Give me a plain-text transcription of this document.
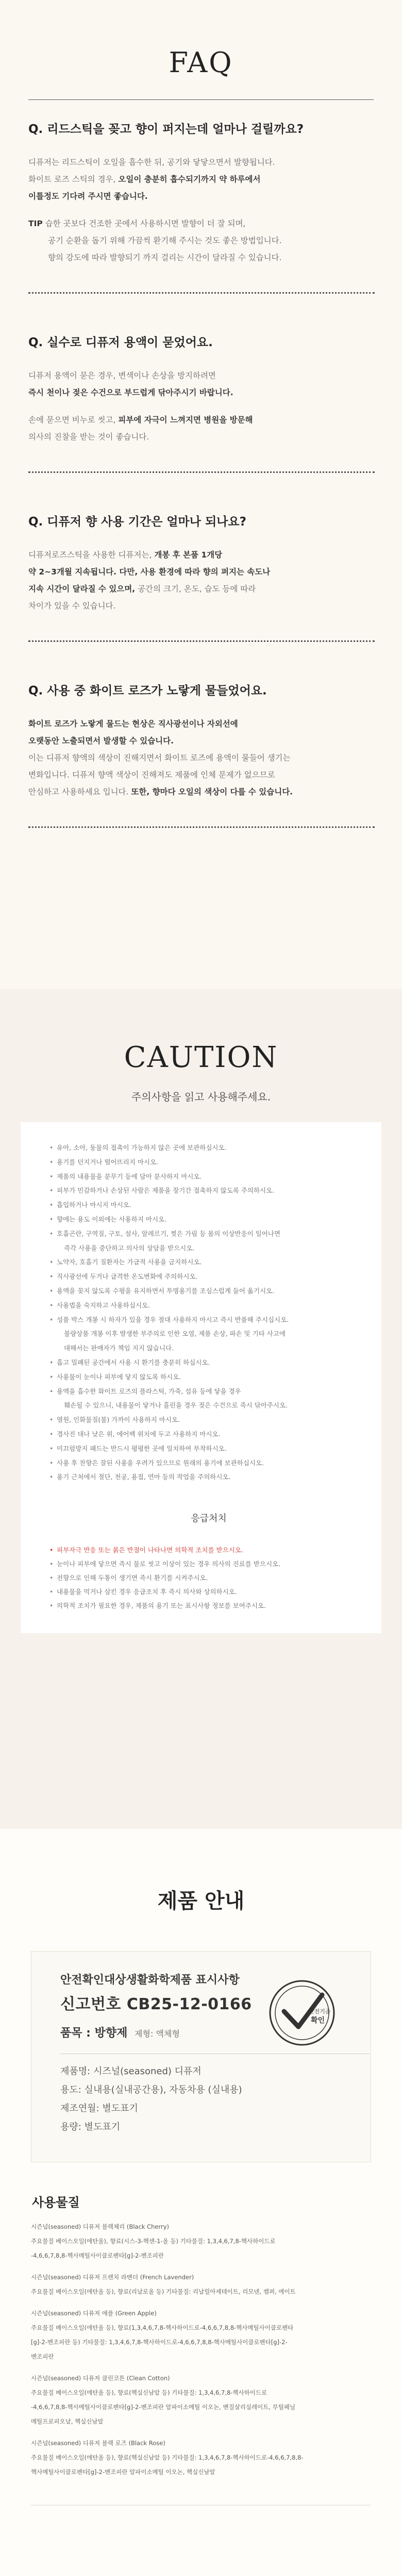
FAQ

Q. 리드스틱을 꽂고 향이 퍼지는데 얼마나 걸릴까요?

디퓨저는 리드스틱이 오일을 흡수한 뒤, 공기와 닿닿으면서 발향됩니다.
화이트 로즈 스틱의 경우, 오일이 충분히 흡수되기까지 약 하루에서
이틀정도 기다려 주시면 좋습니다.

TIP 습한 곳보다 건조한 곳에서 사용하시면 발향이 더 잘 되며,

공기 순환을 돕기 위해 가끔씩 환기해 주시는 것도 좋은 방법입니다.
향의 강도에 따라 발향되기 까지 걸리는 시간이 달라질 수 있습니다.

Q. 실수로 디퓨저 용액이 묻었어요.

디퓨저 용액이 묻은 경우, 변색이나 손상을 방지하려면
즉시 천이나 젖은 수건으로 부드럽게 닦아주시기 바랍니다.

손에 묻으면 비누로 씻고, 피부에 자극이 느껴지면 병원을 방문해
의사의 진찰을 받는 것이 좋습니다.

Q. 디퓨저 향 사용 기간은 얼마나 되나요?

디퓨저로즈스틱을 사용한 디퓨저는, 개봉 후 본품 1개당
약 2~3개월 지속됩니다. 다만, 사용 환경에 따라 향의 퍼지는 속도나
지속 시간이 달라질 수 있으며, 공간의 크기, 온도, 습도 등에 따라
차이가 있을 수 있습니다.

Q. 사용 중 화이트 로즈가 노랗게 물들었어요.

화이트 로즈가 노랗게 물드는 현상은 직사광선이나 자외선에
오랫동안 노출되면서 발생할 수 있습니다.
이는 디퓨저 향액의 색상이 진해지면서 화이트 로즈에 용액이 물들어 생기는
변화입니다. 디퓨저 향액 색상이 진해져도 제품에 인체 문제가 없으므로
안심하고 사용하세요 입니다. 또한, 향마다 오일의 색상이 다를 수 있습니다.

CAUTION

주의사항을 읽고 사용해주세요.

• 유아, 소아, 동물의 접촉이 가능하지 않은 곳에 보관하십시오.
• 용기를 던지거나 떨어뜨리지 마시오.
• 제품의 내용물을 분무기 등에 담아 분사하지 마시오.
• 피부가 민감하거나 손상된 사람은 제품을 장기간 접촉하지 않도록 주의하시오.
• 흡입하거나 마시지 마시오.
• 향에는 용도 이외에는 사용하지 마시오.
• 호흡곤란, 구역질, 구토, 설사, 알레르기, 찢은 가림 등 몸의 이상반응이 일어나면
즉각 사용을 중단하고 의사의 상담을 받으시오.
• 노약자, 호흡기 질환자는 가급적 사용을 금지하시오.
• 직사광선에 두거나 급격한 온도변화에 주의하시오.
• 용액을 꽂지 않도록 수평을 유지하면서 투명용기를 조심스럽게 들어 옮기시오.
• 사용법을 숙지하고 사용하십시오.
• 성품 박스 개봉 시 하자가 있을 경우 절대 사용하지 마시고 즉시 반품해 주시십시오.
불량상품 개봉 이후 발생한 부주의로 인한 오염, 제품 손상, 파손 및 기타 사고에
대해서는 판매자가 책임 지지 않습니다.
• 흡고 밀폐된 공간에서 사용 시 환기를 충분히 하십시오.
• 사용물이 눈이나 피부에 닿지 않도록 하시오.
• 용액을 흡수한 화이트 로즈의 플라스틱, 가죽, 섬유 등에 닿을 경우
훼손될 수 있으니, 내용물이 닿거나 흘린을 경우 젖은 수건으로 즉시 닦아주시오.
• 열원, 인화물질(불) 가까이 사용하지 마시오.
• 경사진 대나 낮은 위, 에어백 위치에 두고 사용하지 마시오.
• 미끄럼방지 패드는 반드시 평평한 곳에 일치하여 부착하시오.
• 사용 후 찬향은 잘된 사용을 우려가 있으므로 원래의 용기에 보관하십시오.
• 용기 근처에서 절단, 천공, 용접, 연마 등의 작업을 주의하시오.

응급처치

• 피부자극 반응 또는 붉은 반점이 나타나면 의학적 조치를 받으시오.
• 눈이나 피부에 닿으면 즉시 물로 씻고 이상이 있는 경우 의사의 진료를 받으시오.
• 전향으로 인해 두통이 생기면 즉시 환기를 시켜주시오.
• 내용물을 먹거나 삼킨 경우 응급조치 후 즉시 의사와 상의하시오.
• 의학적 조치가 필요한 경우, 제품의 용기 또는 표시사항 정보를 보여주시오.
제품 안내

안전확인대상생활화학제품 표시사항

신고번호 CB25-12-0166

품목 : 방향제 제형: 액체형

제품명: 시즈널(seasoned) 디퓨저

용도: 실내용(실내공간용), 자동차용 (실내용)

제조연월: 별도표기

용량: 별도표기

안전기준
확인

사용물질

시즌널(seasoned) 디퓨저 블랙체리 (Black Cherry)

주요물질 베이스오일(에탄올), 향료(시스-3-헥센-1-올 등) 기타물질: 1,3,4,6,7,8-헥사하이드로

-4,6,6,7,8,8-헥사메틸사이클로펜타[g]-2-벤조피란

시즌널(seasoned) 디퓨저 프렌치 라벤더 (French Lavender)

주요물질 베이스오일(에탄올 등), 향료(리날로올 등) 기타물질: 리날릴아세테이트, 리모넨, 캠퍼, 에이트

시즌널(seasoned) 디퓨저 애플 (Green Apple)

주요물질 베이스오일(에탄올 등), 향료(1,3,4,6,7,8-헥사하이드로-4,6,6,7,8,8-헥사메틸사이클로펜타

[g]-2-벤조피란 등) 기타물질: 1,3,4,6,7,8-헥사하이드로-4,6,6,7,8,8-헥사메틸사이클로펜타[g]-2-

벤조피란

시즌널(seasoned) 디퓨저 클린코튼 (Clean Cotton)

주요물질 베이스오일(에탄올 등), 향료(헥실신남알 등) 기타물질: 1,3,4,6,7,8-헥사하이드로

-4,6,6,7,8,8-헥사메틸사이클로펜타[g]-2-벤조피란 알파이소메틸 이오논, 벤질살리실레이트, 부틸페닐

메틸프로피오날, 헥실신남알

시즌널(seasoned) 디퓨저 블랙 로즈 (Black Rose)

주요물질 베이스오일(에탄올 등), 향료(헥실신남알 등) 기타물질: 1,3,4,6,7,8-헥사하이드로-4,6,6,7,8,8-

헥사메틸사이클로펜타[g]-2-벤조피란 알파이소메틸 이오논, 헥실신남알
